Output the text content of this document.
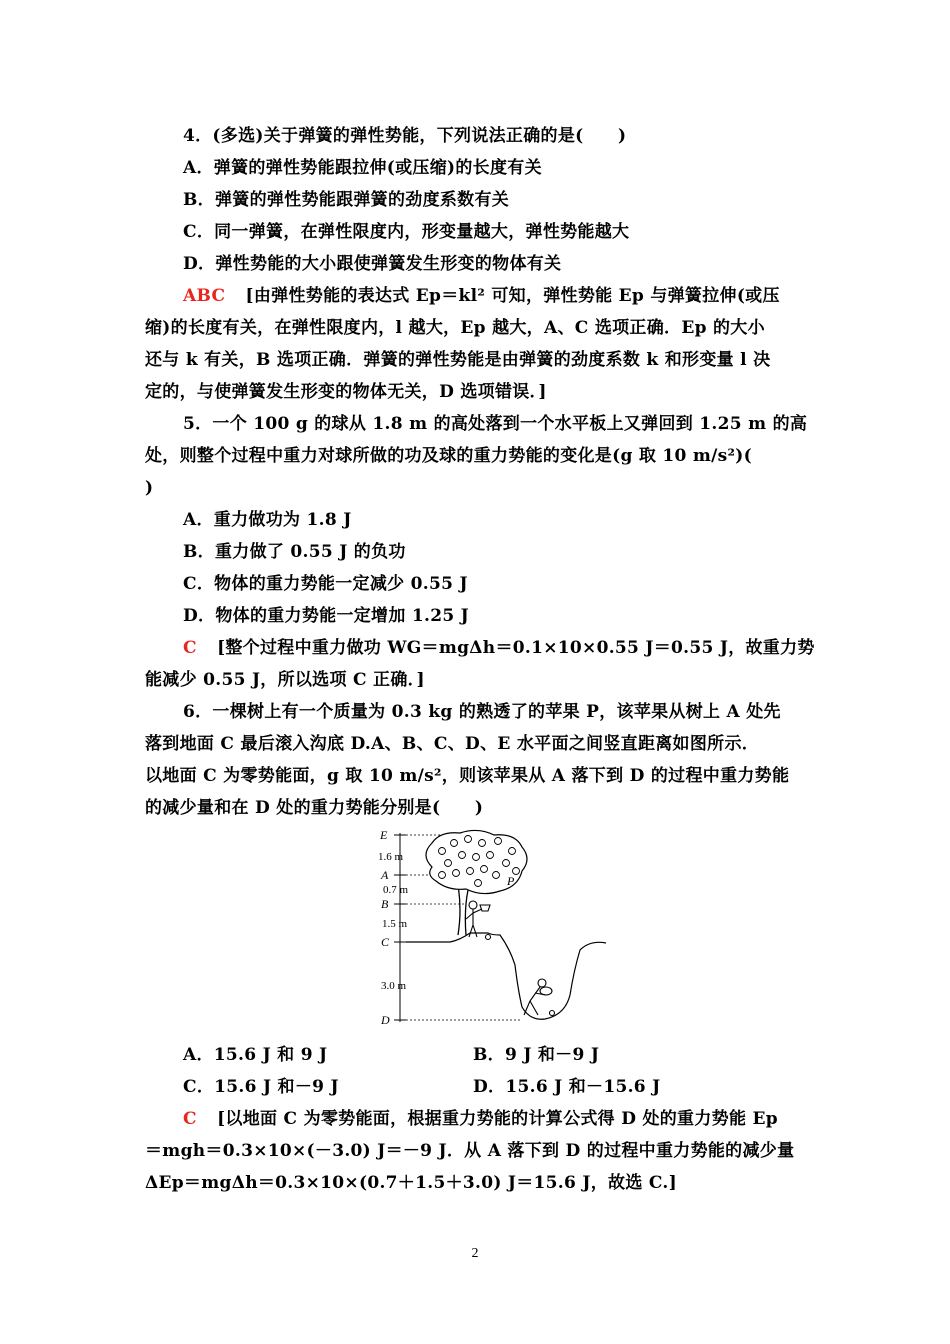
4．(多选)关于弹簧的弹性势能，下列说法正确的是(　　)
A．弹簧的弹性势能跟拉伸(或压缩)的长度有关
B．弹簧的弹性势能跟弹簧的劲度系数有关
C．同一弹簧，在弹性限度内，形变量越大，弹性势能越大
D．弹性势能的大小跟使弹簧发生形变的物体有关
ABC [由弹性势能的表达式 Ep＝kl² 可知，弹性势能 Ep 与弹簧拉伸(或压
缩)的长度有关，在弹性限度内，l 越大，Ep 越大，A、C 选项正确．Ep 的大小
还与 k 有关，B 选项正确．弹簧的弹性势能是由弹簧的劲度系数 k 和形变量 l 决
定的，与使弹簧发生形变的物体无关，D 选项错误．]
5．一个 100 g 的球从 1.8 m 的高处落到一个水平板上又弹回到 1.25 m 的高
处，则整个过程中重力对球所做的功及球的重力势能的变化是(g 取 10 m/s²)(
)
A．重力做功为 1.8 J
B．重力做了 0.55 J 的负功
C．物体的重力势能一定减少 0.55 J
D．物体的重力势能一定增加 1.25 J
C [整个过程中重力做功 WG＝mgΔh＝0.1×10×0.55 J＝0.55 J，故重力势
能减少 0.55 J，所以选项 C 正确．]
6．一棵树上有一个质量为 0.3 kg 的熟透了的苹果 P，该苹果从树上 A 处先
落到地面 C 最后滚入沟底 D.A、B、C、D、E 水平面之间竖直距离如图所示．
以地面 C 为零势能面，g 取 10 m/s²，则该苹果从 A 落下到 D 的过程中重力势能
的减少量和在 D 处的重力势能分别是(　　)
E
A
B
C
D
1.6 m
0.7 m
1.5 m
3.0 m
P
A．15.6 J 和 9 J	B．9 J 和－9 J
C．15.6 J 和－9 J	D．15.6 J 和－15.6 J
C [以地面 C 为零势能面，根据重力势能的计算公式得 D 处的重力势能 Ep
＝mgh＝0.3×10×(－3.0) J＝－9 J．从 A 落下到 D 的过程中重力势能的减少量
ΔEp＝mgΔh＝0.3×10×(0.7＋1.5＋3.0) J＝15.6 J，故选 C.]
2
